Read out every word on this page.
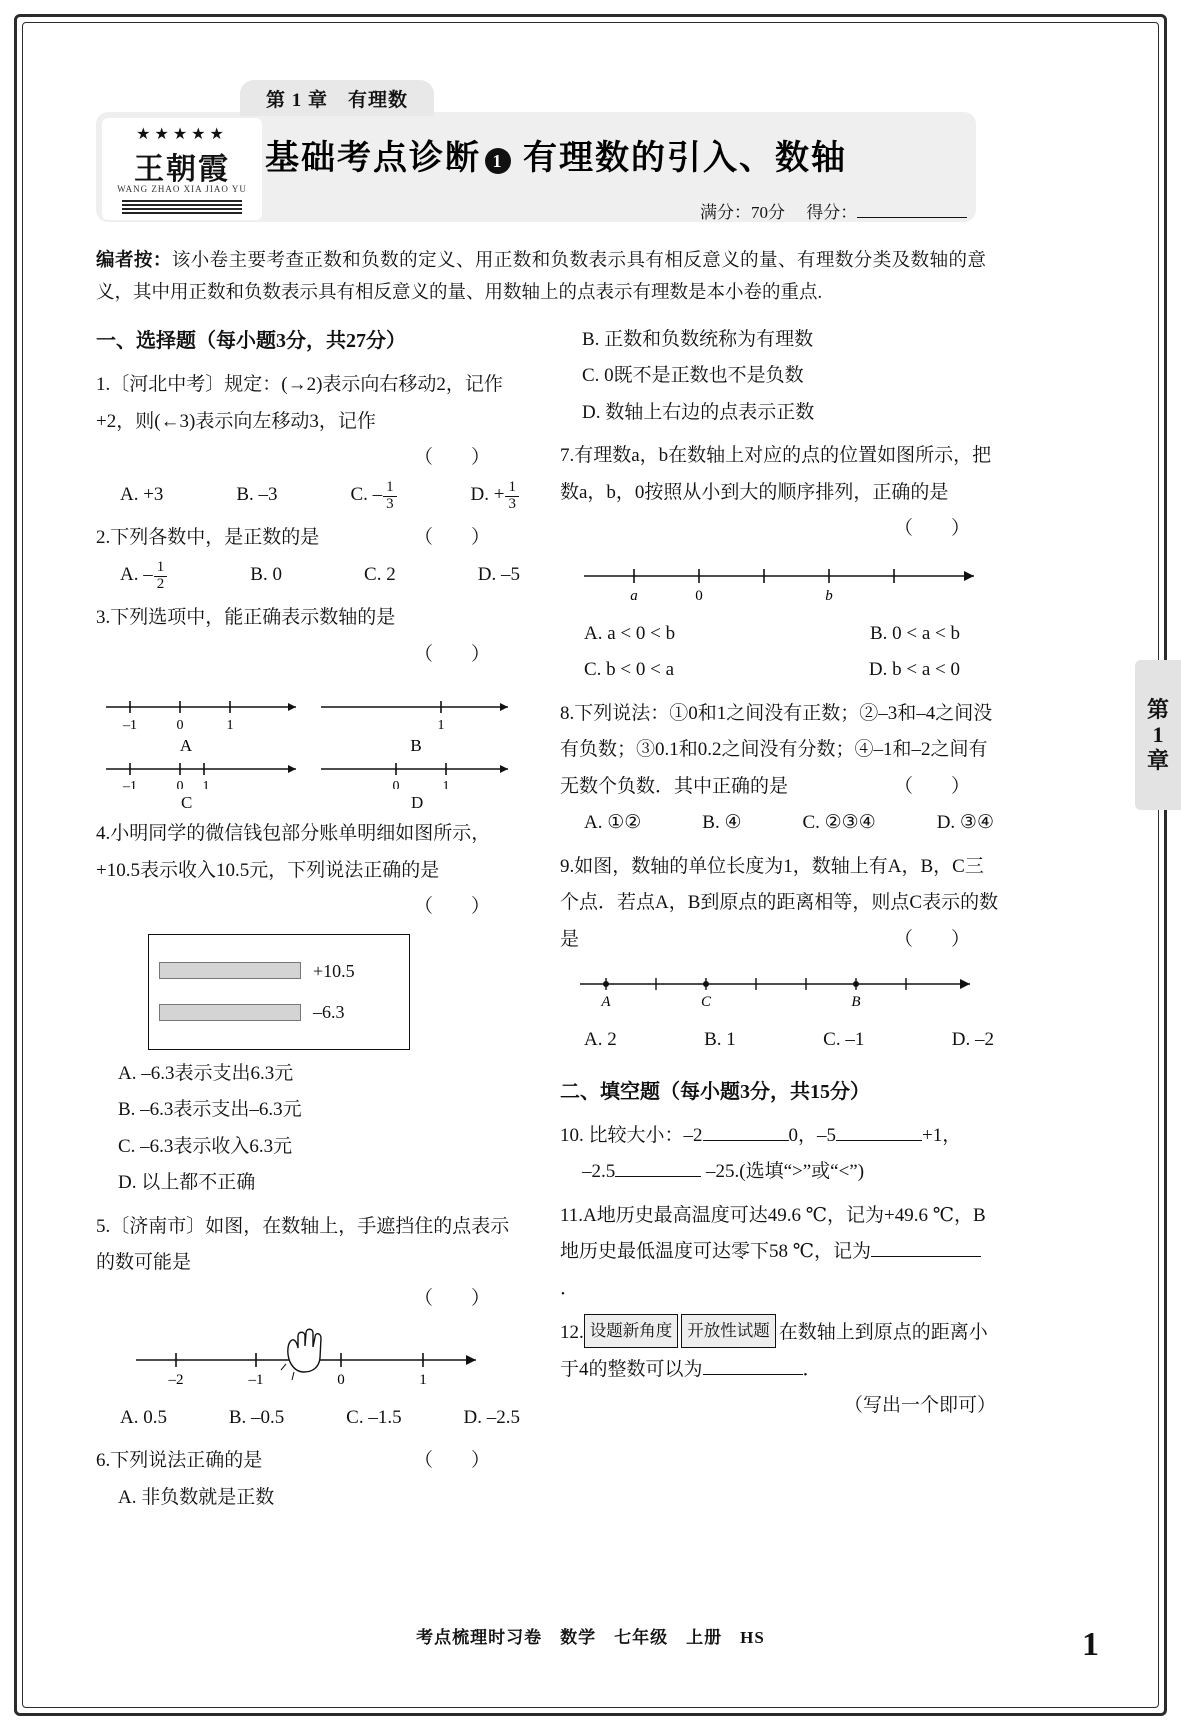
第 1 章　有理数
★★★★★
王朝霞
WANG ZHAO XIA JIAO YU
基础考点诊断 1 有理数的引入、数轴
满分：70分 得分：
编者按：该小卷主要考查正数和负数的定义、用正数和负数表示具有相反意义的量、有理数分类及数轴的意义，其中用正数和负数表示具有相反意义的量、用数轴上的点表示有理数是本小卷的重点.
一、选择题（每小题3分，共27分）
1.〔河北中考〕规定：(→2)表示向右移动2，记作+2，则(←3)表示向左移动3，记作
（　　）
A. +3	B. –3	C. – $\frac{1}{3}$	D. + $\frac{1}{3}$
2.下列各数中，是正数的是	（　　）
A. – $\frac{1}{2}$	B. 0	C. 2	D. –5
3.下列选项中，能正确表示数轴的是
（　　）
–1	0	1
A
1
B
–1	0 1	0	1
C	D
4.小明同学的微信钱包部分账单明细如图所示，+10.5表示收入10.5元，下列说法正确的是
（　　）
+10.5
–6.3
A. –6.3表示支出6.3元
B. –6.3表示支出–6.3元
C. –6.3表示收入6.3元
D. 以上都不正确
5.〔济南市〕如图，在数轴上，手遮挡住的点表示的数可能是
（　　）
–2	–1	0	1
A. 0.5	B. –0.5	C. –1.5	D. –2.5
6.下列说法正确的是	（　　）
A. 非负数就是正数
B. 正数和负数统称为有理数
C. 0既不是正数也不是负数
D. 数轴上右边的点表示正数
7.有理数a，b在数轴上对应的点的位置如图所示，把数a，b，0按照从小到大的顺序排列，正确的是
（　　）
a	0	b
A. a < 0 < b	B. 0 < a < b
C. b < 0 < a	D. b < a < 0
8.下列说法：①0和1之间没有正数；②–3和–4之间没有负数；③0.1和0.2之间没有分数；④–1和–2之间有无数个负数．其中正确的是	（　　）
A. ①②	B. ④	C. ②③④	D. ③④
9.如图，数轴的单位长度为1，数轴上有A，B，C三个点．若点A，B到原点的距离相等，则点C表示的数是	（　　）
A	C	B
A. 2	B. 1	C. –1	D. –2
二、填空题（每小题3分，共15分）
10. 比较大小：–2	0，–5	+1，
–2.5	–25.(选填“>”或“<”)
11.A地历史最高温度可达49.6 ℃，记为+49.6 ℃，B地历史最低温度可达零下58 ℃，记为．
12. 设题新角度 开放性试题 在数轴上到原点的距离小于4的整数可以为	．
（写出一个即可）
考点梳理时习卷　数学　七年级　上册　HS	1
第
1
章
